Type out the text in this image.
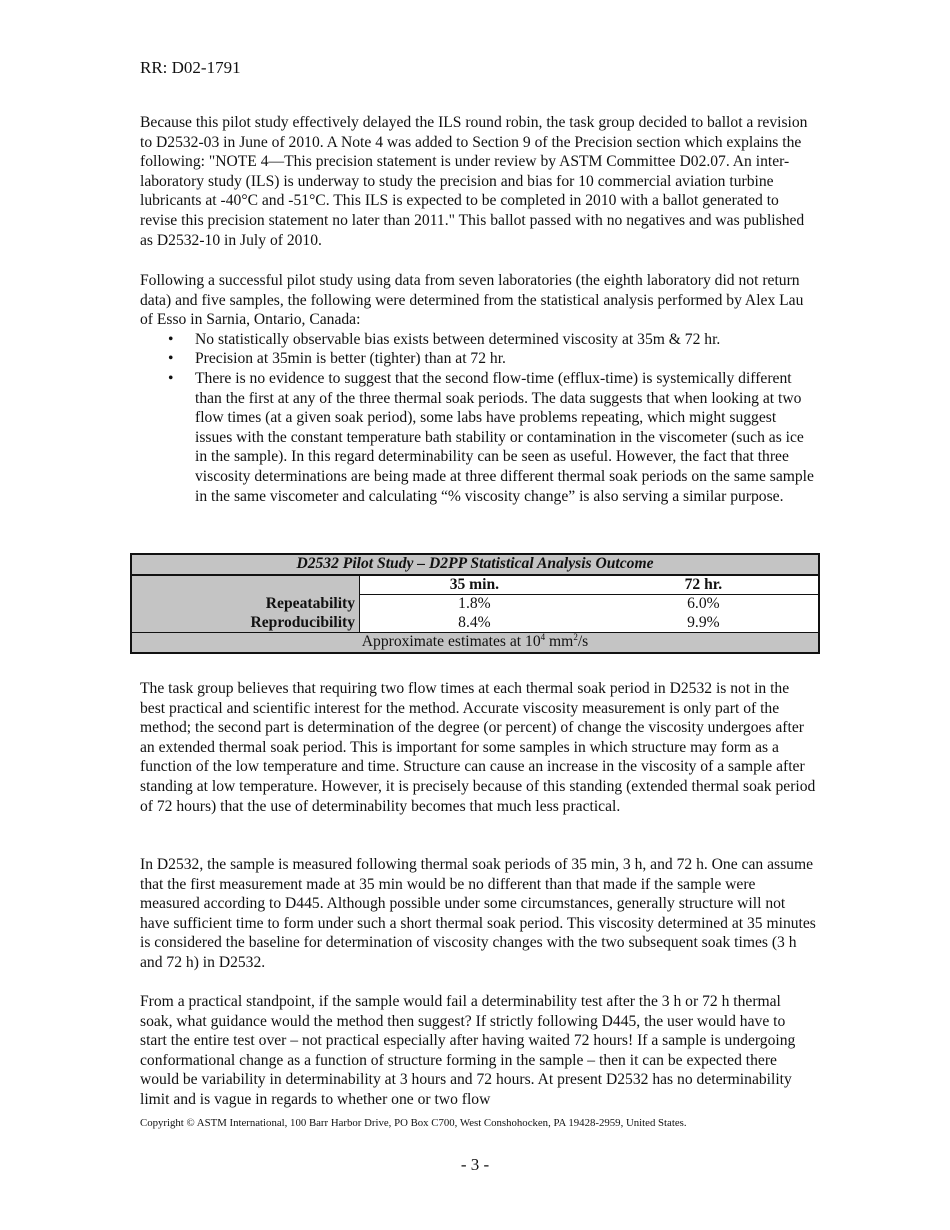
RR: D02-1791

Because this pilot study effectively delayed the ILS round robin, the task group decided to ballot a revision to D2532-03 in June of 2010. A Note 4 was added to Section 9 of the Precision section which explains the following: "NOTE 4—This precision statement is under review by ASTM Committee D02.07. An inter-laboratory study (ILS) is underway to study the precision and bias for 10 commercial aviation turbine lubricants at -40°C and -51°C. This ILS is expected to be completed in 2010 with a ballot generated to revise this precision statement no later than 2011." This ballot passed with no negatives and was published as D2532-10 in July of 2010.

Following a successful pilot study using data from seven laboratories (the eighth laboratory did not return data) and five samples, the following were determined from the statistical analysis performed by Alex Lau of Esso in Sarnia, Ontario, Canada:

• No statistically observable bias exists between determined viscosity at 35m & 72 hr.
• Precision at 35min is better (tighter) than at 72 hr.
• There is no evidence to suggest that the second flow-time (efflux-time) is systemically different than the first at any of the three thermal soak periods. The data suggests that when looking at two flow times (at a given soak period), some labs have problems repeating, which might suggest issues with the constant temperature bath stability or contamination in the viscometer (such as ice in the sample). In this regard determinability can be seen as useful. However, the fact that three viscosity determinations are being made at three different thermal soak periods on the same sample in the same viscometer and calculating “% viscosity change” is also serving a similar purpose.
D2532 Pilot Study – D2PP Statistical Analysis Outcome		
	35 min.	72 hr.
Repeatability	1.8%	6.0%
Reproducibility	8.4%	9.9%
Approximate estimates at $10^4$ $mm^2/s$		

The task group believes that requiring two flow times at each thermal soak period in D2532 is not in the best practical and scientific interest for the method. Accurate viscosity measurement is only part of the method; the second part is determination of the degree (or percent) of change the viscosity undergoes after an extended thermal soak period. This is important for some samples in which structure may form as a function of the low temperature and time. Structure can cause an increase in the viscosity of a sample after standing at low temperature. However, it is precisely because of this standing (extended thermal soak period of 72 hours) that the use of determinability becomes that much less practical.

In D2532, the sample is measured following thermal soak periods of 35 min, 3 h, and 72 h. One can assume that the first measurement made at 35 min would be no different than that made if the sample were measured according to D445. Although possible under some circumstances, generally structure will not have sufficient time to form under such a short thermal soak period. This viscosity determined at 35 minutes is considered the baseline for determination of viscosity changes with the two subsequent soak times (3 h and 72 h) in D2532.

From a practical standpoint, if the sample would fail a determinability test after the 3 h or 72 h thermal soak, what guidance would the method then suggest? If strictly following D445, the user would have to start the entire test over – not practical especially after having waited 72 hours! If a sample is undergoing conformational change as a function of structure forming in the sample – then it can be expected there would be variability in determinability at 3 hours and 72 hours. At present D2532 has no determinability limit and is vague in regards to whether one or two flow

Copyright © ASTM International, 100 Barr Harbor Drive, PO Box C700, West Conshohocken, PA 19428-2959, United States.
- 3 -
